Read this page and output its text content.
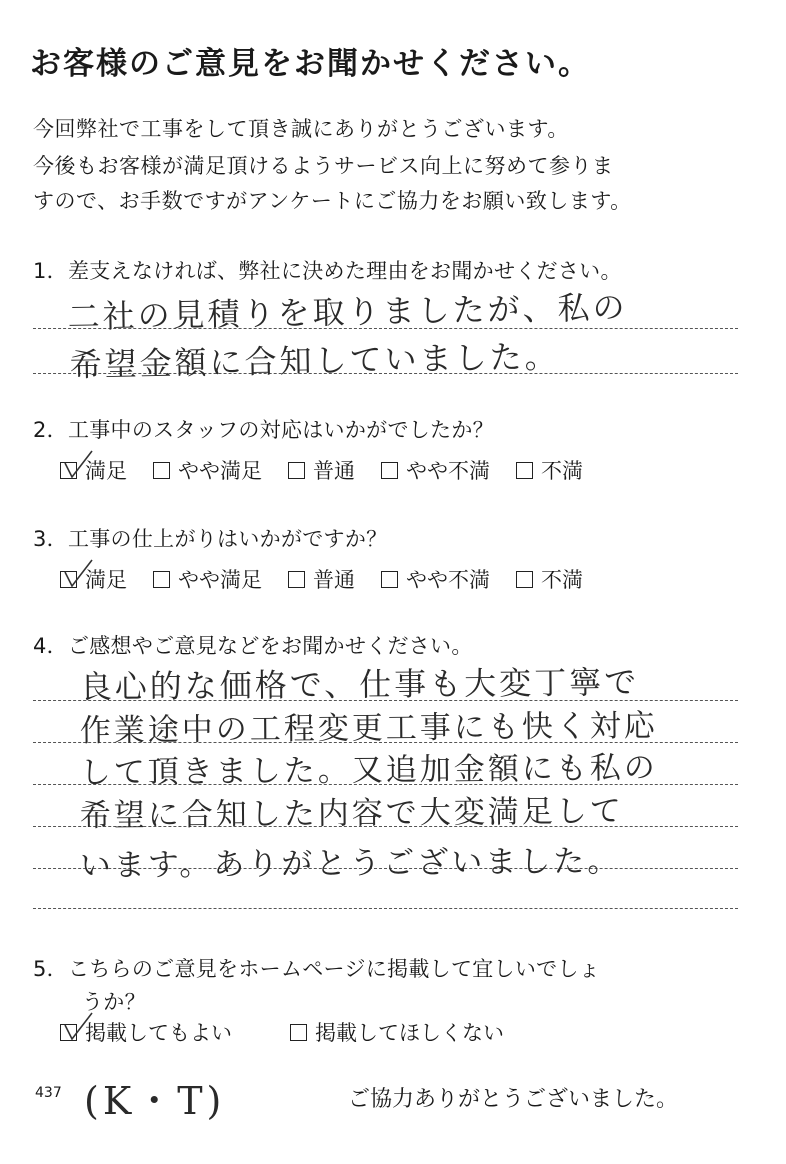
お客様のご意見をお聞かせください。
今回弊社で工事をして頂き誠にありがとうございます。
今後もお客様が満足頂けるようサービス向上に努めて参りま
すので、お手数ですがアンケートにご協力をお願い致します。
1．差支えなければ、弊社に決めた理由をお聞かせください。
二社の見積りを取りましたが、私の
希望金額に合知していました。
2．工事中のスタッフの対応はいかがでしたか？
満足 やや満足 普通 やや不満 不満
3．工事の仕上がりはいかがですか？
満足 やや満足 普通 やや不満 不満
4．ご感想やご意見などをお聞かせください。
良心的な価格で、仕事も大変丁寧で
作業途中の工程変更工事にも快く対応
して頂きました。又追加金額にも私の
希望に合知した内容で大変満足して
います。ありがとうございました。
5．こちらのご意見をホームページに掲載して宜しいでしょ
うか？
掲載してもよい	掲載してほしくない
437 (K・T)	ご協力ありがとうございました。
